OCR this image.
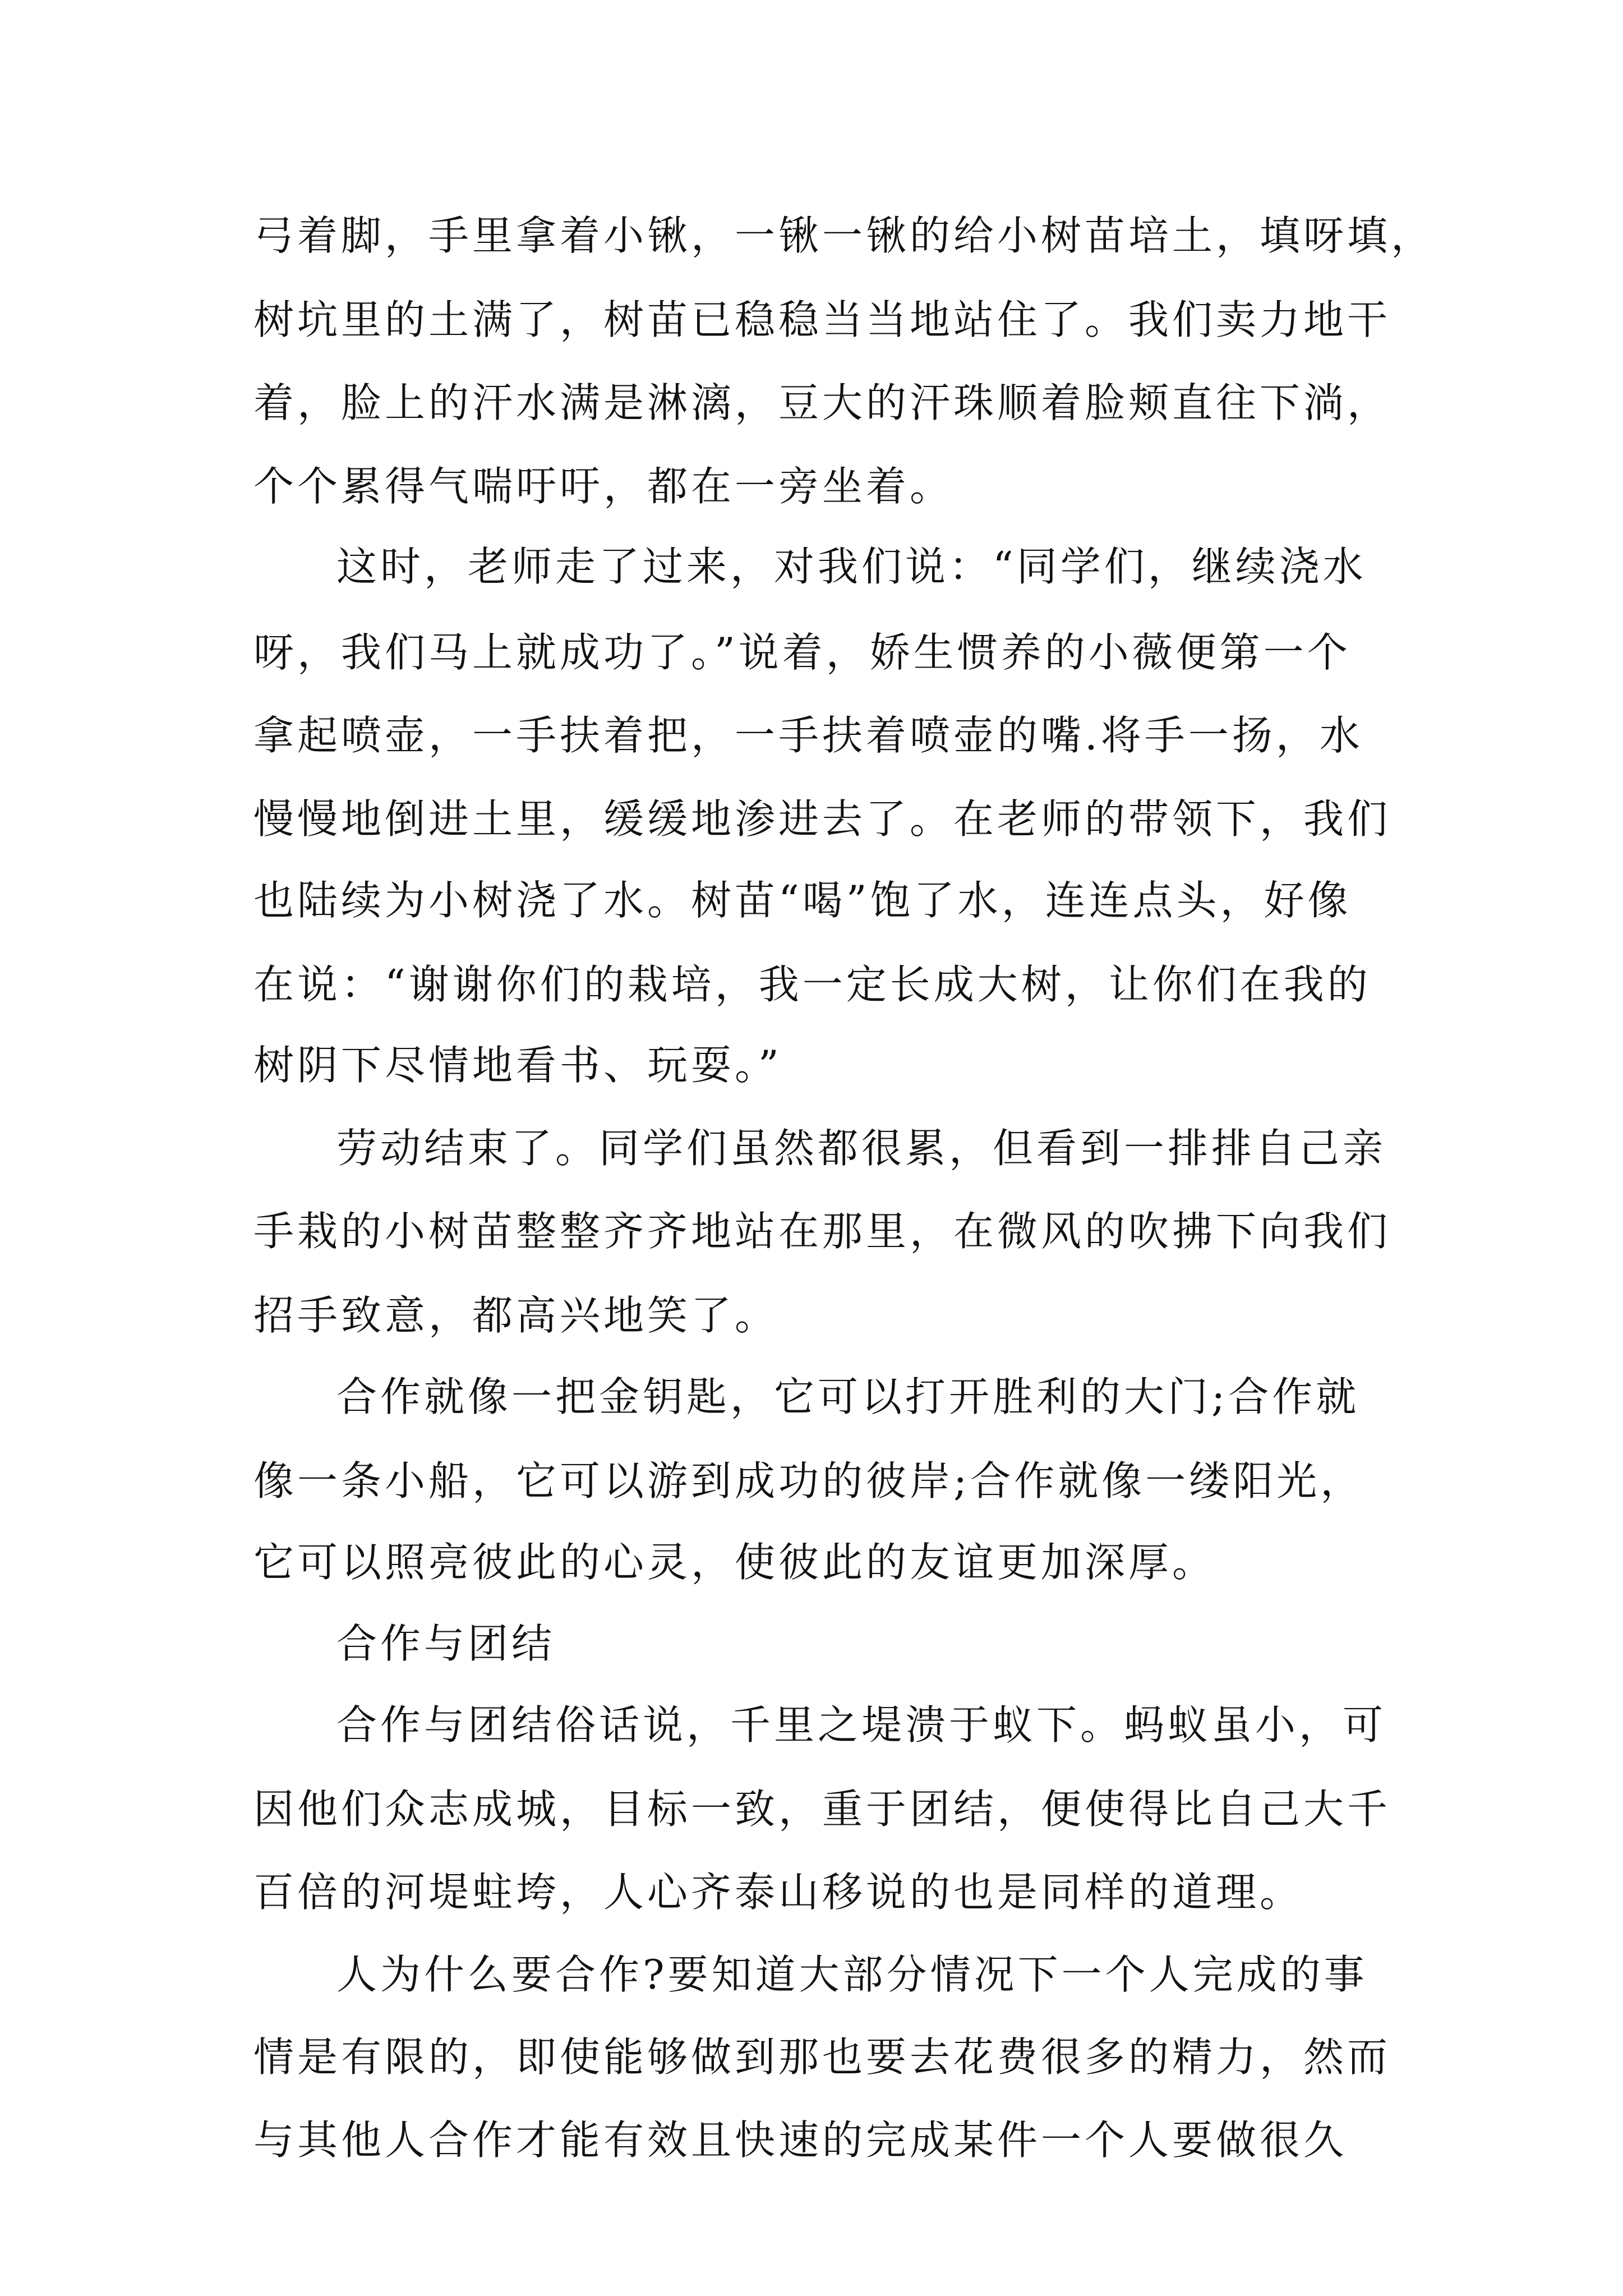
弓着脚，手里拿着小锹，一锹一锹的给小树苗培土，填呀填，
树坑里的土满了，树苗已稳稳当当地站住了。我们卖力地干
着，脸上的汗水满是淋漓，豆大的汗珠顺着脸颊直往下淌，
个个累得气喘吁吁，都在一旁坐着。
这时，老师走了过来，对我们说：“同学们，继续浇水
呀，我们马上就成功了。”说着，娇生惯养的小薇便第一个
拿起喷壶，一手扶着把，一手扶着喷壶的嘴.将手一扬，水
慢慢地倒进土里，缓缓地渗进去了。在老师的带领下，我们
也陆续为小树浇了水。树苗“喝”饱了水，连连点头，好像
在说：“谢谢你们的栽培，我一定长成大树，让你们在我的
树阴下尽情地看书、玩耍。”
劳动结束了。同学们虽然都很累，但看到一排排自己亲
手栽的小树苗整整齐齐地站在那里，在微风的吹拂下向我们
招手致意，都高兴地笑了。
合作就像一把金钥匙，它可以打开胜利的大门;合作就
像一条小船，它可以游到成功的彼岸;合作就像一缕阳光，
它可以照亮彼此的心灵，使彼此的友谊更加深厚。
合作与团结
合作与团结俗话说，千里之堤溃于蚁下。蚂蚁虽小，可
因他们众志成城，目标一致，重于团结，便使得比自己大千
百倍的河堤蛀垮，人心齐泰山移说的也是同样的道理。
人为什么要合作?要知道大部分情况下一个人完成的事
情是有限的，即使能够做到那也要去花费很多的精力，然而
与其他人合作才能有效且快速的完成某件一个人要做很久
